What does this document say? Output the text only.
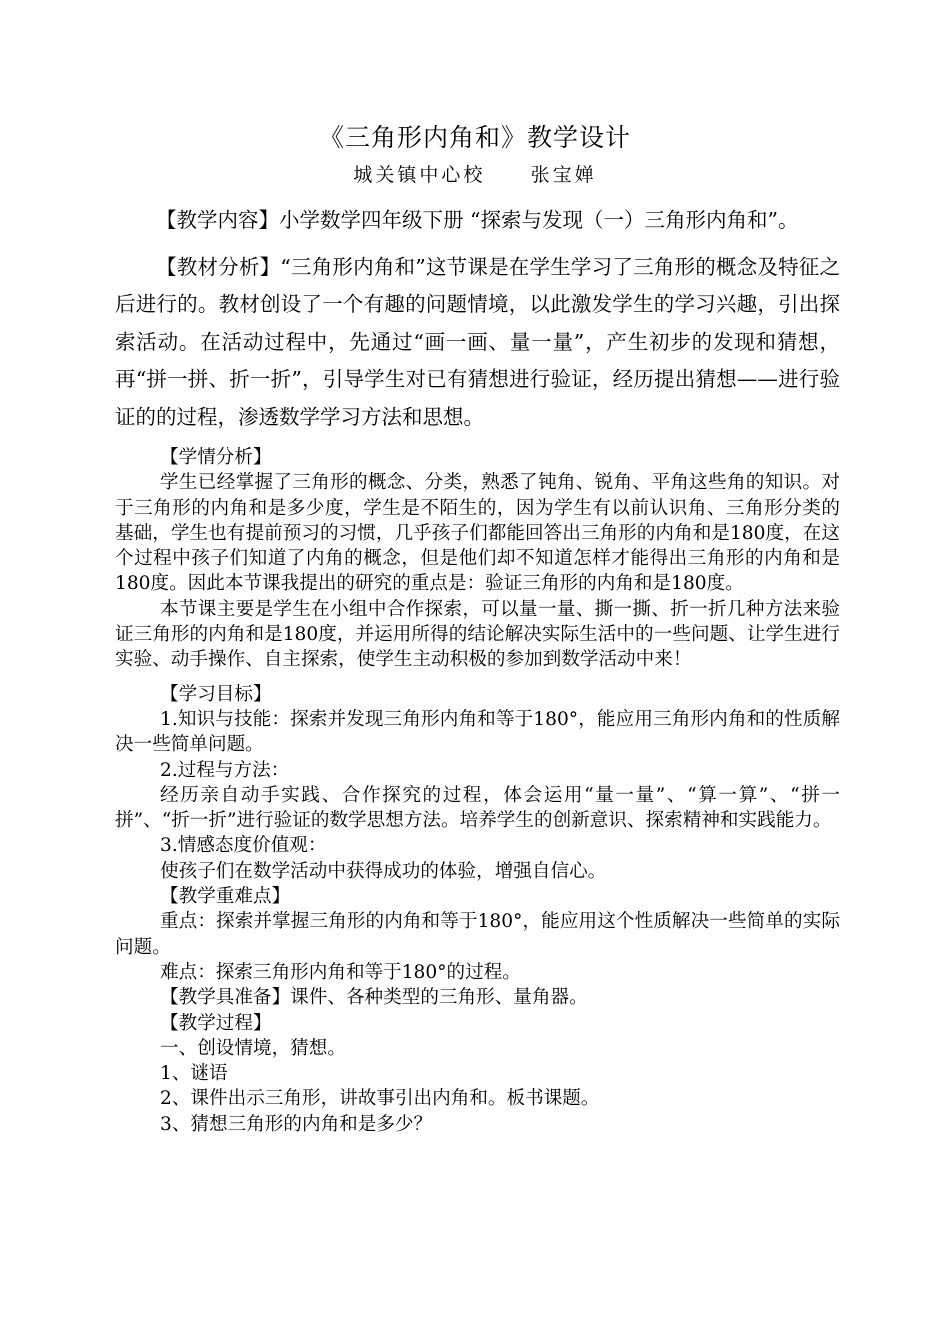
《三角形内角和》教学设计
城关镇中心校     张宝婵

【教学内容】小学数学四年级下册 “探索与发现（一）三角形内角和”。

【教材分析】“三角形内角和”这节课是在学生学习了三角形的概念及特征之后进行的。教材创设了一个有趣的问题情境，以此激发学生的学习兴趣，引出探索活动。在活动过程中，先通过“画一画、量一量”，产生初步的发现和猜想，再“拼一拼、折一折”，引导学生对已有猜想进行验证，经历提出猜想——进行验证的的过程，渗透数学学习方法和思想。

【学情分析】

学生已经掌握了三角形的概念、分类，熟悉了钝角、锐角、平角这些角的知识。对于三角形的内角和是多少度，学生是不陌生的，因为学生有以前认识角、三角形分类的基础，学生也有提前预习的习惯，几乎孩子们都能回答出三角形的内角和是180度，在这个过程中孩子们知道了内角的概念，但是他们却不知道怎样才能得出三角形的内角和是180度。因此本节课我提出的研究的重点是：验证三角形的内角和是180度。

本节课主要是学生在小组中合作探索，可以量一量、撕一撕、折一折几种方法来验证三角形的内角和是180度，并运用所得的结论解决实际生活中的一些问题、让学生进行实验、动手操作、自主探索，使学生主动积极的参加到数学活动中来！

【学习目标】

1.知识与技能：探索并发现三角形内角和等于180°，能应用三角形内角和的性质解决一些简单问题。

2.过程与方法：

经历亲自动手实践、合作探究的过程，体会运用“量一量”、“算一算”、“拼一拼”、“折一折”进行验证的数学思想方法。培养学生的创新意识、探索精神和实践能力。

3.情感态度价值观：

使孩子们在数学活动中获得成功的体验，增强自信心。

【教学重难点】

重点：探索并掌握三角形的内角和等于180°，能应用这个性质解决一些简单的实际问题。

难点：探索三角形内角和等于180°的过程。

【教学具准备】课件、各种类型的三角形、量角器。

【教学过程】

一、创设情境，猜想。

1、谜语

2、课件出示三角形，讲故事引出内角和。板书课题。

3、猜想三角形的内角和是多少？
